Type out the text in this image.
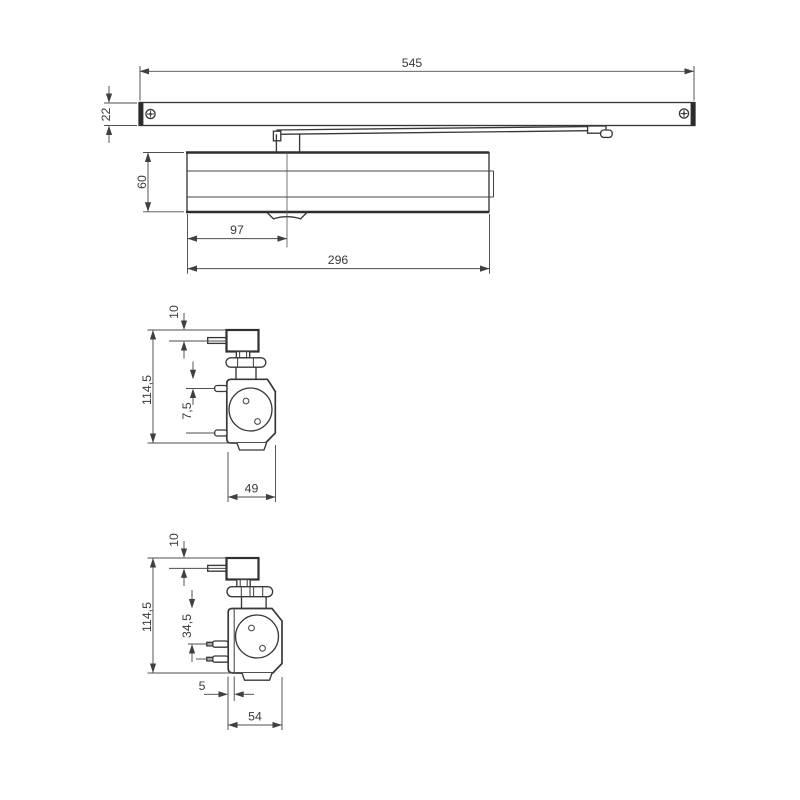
545
22
60
97
296
114,5
10
7,5
49
114,5
10
34,5
5
54
